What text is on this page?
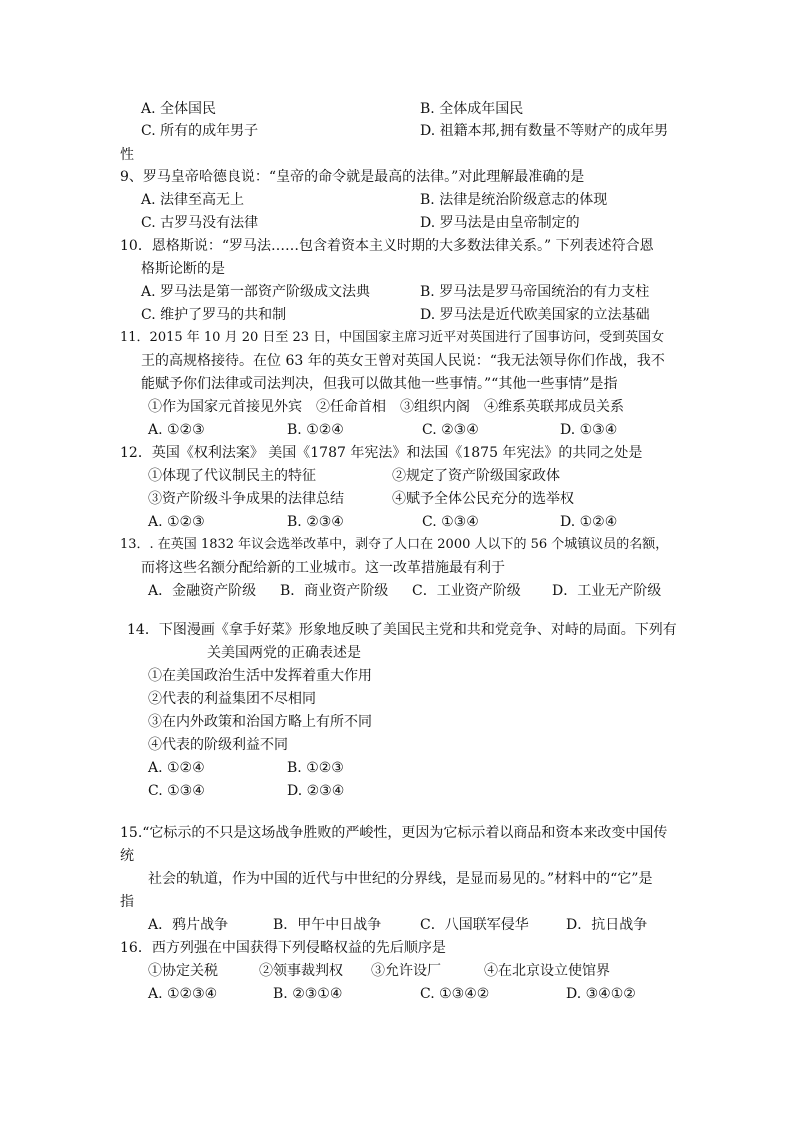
A. 全体国民	B. 全体成年国民
C. 所有的成年男子	D. 祖籍本邦,拥有数量不等财产的成年男
性
9、罗马皇帝哈德良说：“皇帝的命令就是最高的法律。”对此理解最准确的是
A. 法律至高无上	B. 法律是统治阶级意志的体现
C. 古罗马没有法律	D. 罗马法是由皇帝制定的
10．恩格斯说：“罗马法……包含着资本主义时期的大多数法律关系。” 下列表述符合恩
格斯论断的是
A. 罗马法是第一部资产阶级成文法典	B. 罗马法是罗马帝国统治的有力支柱
C. 维护了罗马的共和制	D. 罗马法是近代欧美国家的立法基础
11．2015 年 10 月 20 日至 23 日，中国国家主席习近平对英国进行了国事访问，受到英国女
王的高规格接待。在位 63 年的英女王曾对英国人民说：“我无法领导你们作战，我不
能赋予你们法律或司法判决，但我可以做其他一些事情。”“其他一些事情”是指
①作为国家元首接见外宾　②任命首相　③组织内阁　④维系英联邦成员关系
A. ①②③	B. ①②④	C. ②③④	D. ①③④
12．英国《权利法案》 美国《1787 年宪法》和法国《1875 年宪法》的共同之处是
①体现了代议制民主的特征	②规定了资产阶级国家政体
③资产阶级斗争成果的法律总结	④赋予全体公民充分的选举权
A. ①②③	B. ②③④	C. ①③④	D. ①②④
13．. 在英国 1832 年议会选举改革中，剥夺了人口在 2000 人以下的 56 个城镇议员的名额，
而将这些名额分配给新的工业城市。这一改革措施最有利于
A．金融资产阶级 B．商业资产阶级 C．工业资产阶级 D．工业无产阶级
14．下图漫画《拿手好菜》形象地反映了美国民主党和共和党竞争、对峙的局面。下列有
关美国两党的正确表述是
①在美国政治生活中发挥着重大作用
②代表的利益集团不尽相同
③在内外政策和治国方略上有所不同
④代表的阶级利益不同
A. ①②④	B. ①②③
C. ①③④	D. ②③④
15.“它标示的不只是这场战争胜败的严峻性，更因为它标示着以商品和资本来改变中国传
统
社会的轨道，作为中国的近代与中世纪的分界线，是显而易见的。”材料中的“它”是
指
A．鸦片战争	B．甲午中日战争	C．八国联军侵华	D．抗日战争
16．西方列强在中国获得下列侵略权益的先后顺序是
①协定关税	②领事裁判权 ③允许设厂	④在北京设立使馆界
A. ①②③④	B. ②③①④	C. ①③④②	D. ③④①②
